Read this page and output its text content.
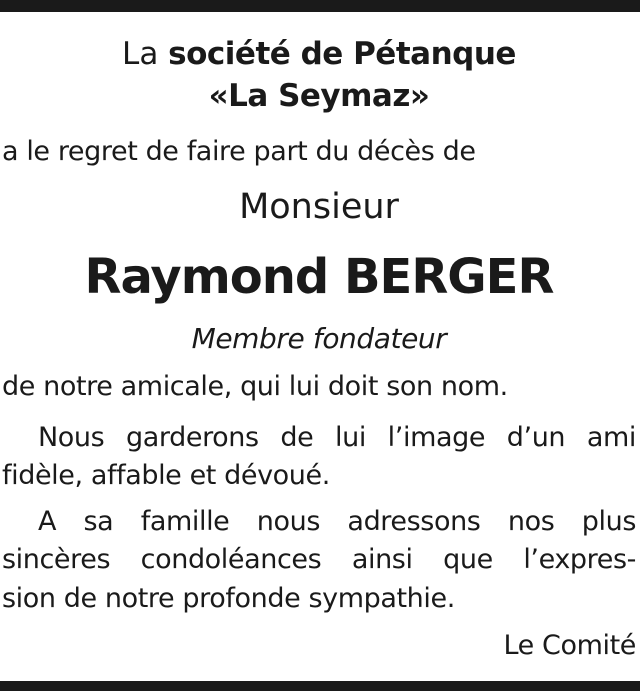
La société de Pétanque
«La Seymaz»
a le regret de faire part du décès de
Monsieur
Raymond BERGER
Membre fondateur
de notre amicale, qui lui doit son nom.
Nous garderons de lui l’image d’un ami
fidèle, affable et dévoué.
A sa famille nous adressons nos plus
sincères condoléances ainsi que l’expres-
sion de notre profonde sympathie.
Le Comité
